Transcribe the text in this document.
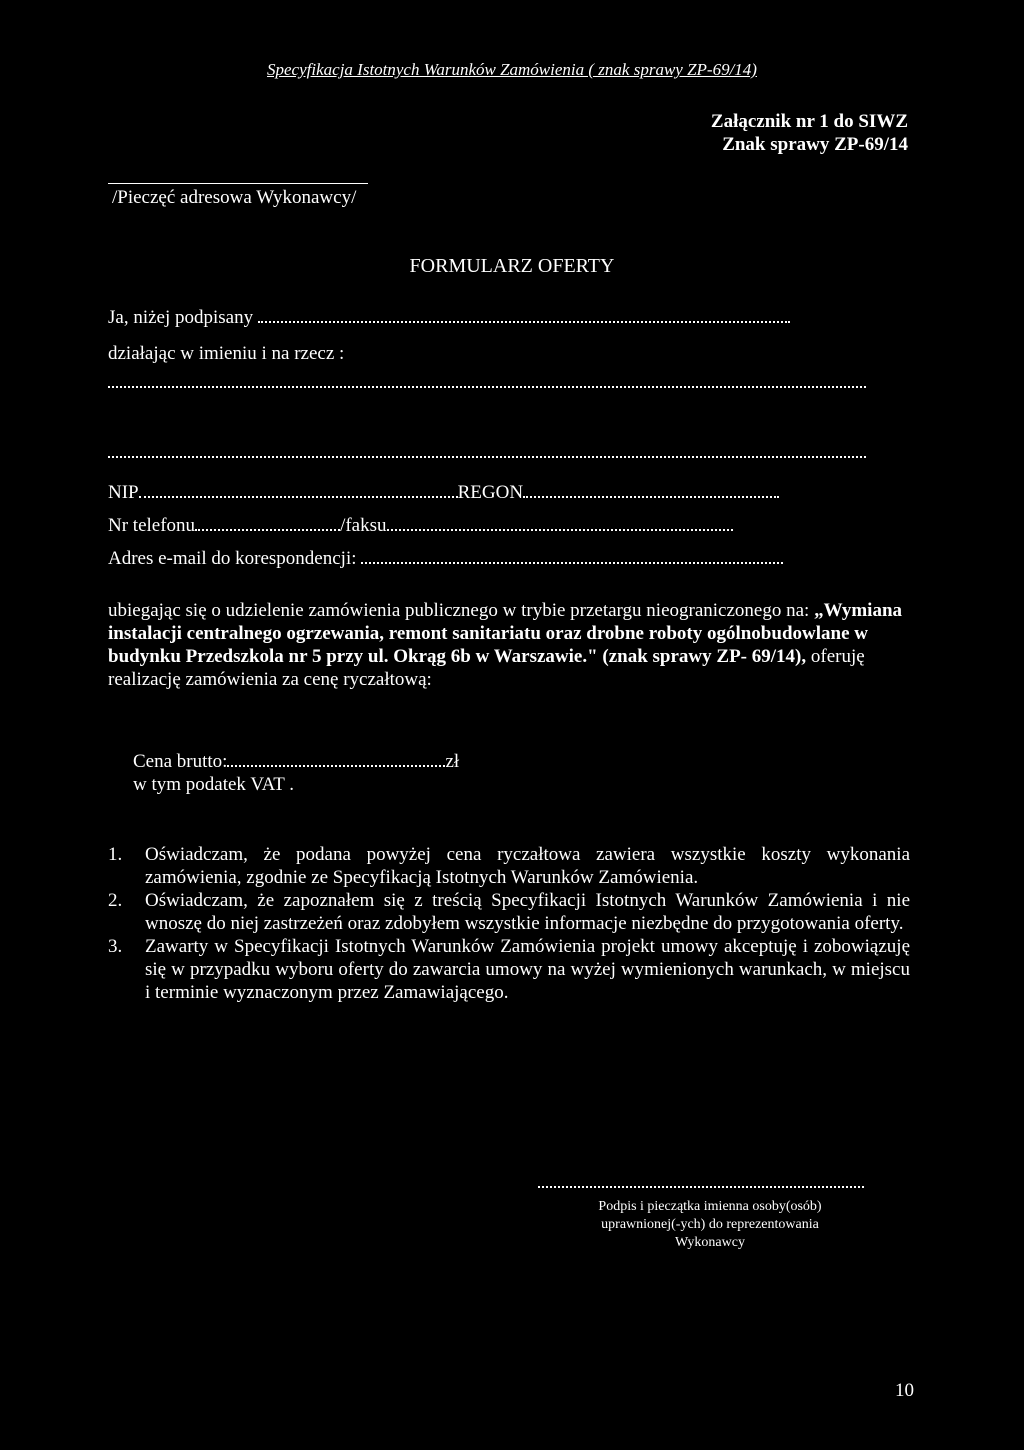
Specyfikacja Istotnych Warunków Zamówienia ( znak sprawy ZP-69/14)
Załącznik nr 1 do SIWZ
Znak sprawy ZP-69/14
/Pieczęć adresowa Wykonawcy/
FORMULARZ OFERTY
Ja, niżej podpisany
działając w imieniu i na rzecz :
NIP	REGON
Nr telefonu	/faksu
Adres e-mail do korespondencji:
ubiegając się o udzielenie zamówienia publicznego w trybie przetargu nieograniczonego na: „Wymiana instalacji centralnego ogrzewania, remont sanitariatu oraz drobne roboty ogólnobudowlane w budynku Przedszkola nr 5 przy ul. Okrąg 6b w Warszawie." (znak sprawy ZP- 69/14), oferuję realizację zamówienia za cenę ryczałtową:
Cena brutto:	zł
w tym podatek VAT .
1.	Oświadczam, że podana powyżej cena ryczałtowa zawiera wszystkie koszty wykonania zamówienia, zgodnie ze Specyfikacją Istotnych Warunków Zamówienia.
2.	Oświadczam, że zapoznałem się z treścią Specyfikacji Istotnych Warunków Zamówienia i nie wnoszę do niej zastrzeżeń oraz zdobyłem wszystkie informacje niezbędne do przygotowania oferty.
3.	Zawarty w Specyfikacji Istotnych Warunków Zamówienia projekt umowy akceptuję i zobowiązuję się w przypadku wyboru oferty do zawarcia umowy na wyżej wymienionych warunkach, w miejscu i terminie wyznaczonym przez Zamawiającego.
Podpis i pieczątka imienna osoby(osób)
uprawnionej(-ych) do reprezentowania
Wykonawcy
10
